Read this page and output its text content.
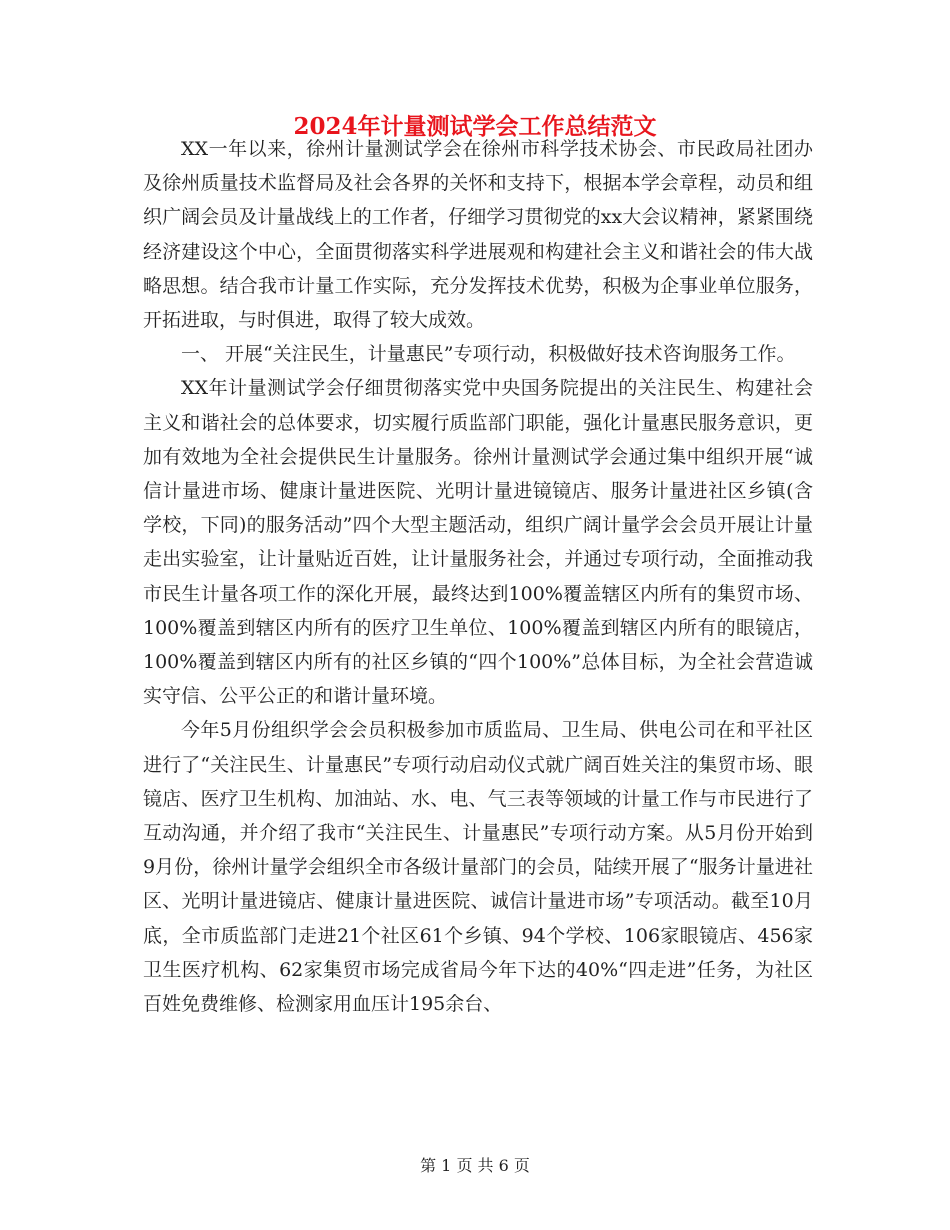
2024年计量测试学会工作总结范文

XX一年以来，徐州计量测试学会在徐州市科学技术协会、市民政局社团办及徐州质量技术监督局及社会各界的关怀和支持下，根据本学会章程，动员和组织广阔会员及计量战线上的工作者，仔细学习贯彻党的xx大会议精神，紧紧围绕经济建设这个中心，全面贯彻落实科学进展观和构建社会主义和谐社会的伟大战略思想。结合我市计量工作实际，充分发挥技术优势，积极为企事业单位服务，开拓进取，与时俱进，取得了较大成效。

一、 开展“关注民生，计量惠民”专项行动，积极做好技术咨询服务工作。

XX年计量测试学会仔细贯彻落实党中央国务院提出的关注民生、构建社会主义和谐社会的总体要求，切实履行质监部门职能，强化计量惠民服务意识，更加有效地为全社会提供民生计量服务。徐州计量测试学会通过集中组织开展“诚信计量进市场、健康计量进医院、光明计量进镜镜店、服务计量进社区乡镇(含学校，下同)的服务活动”四个大型主题活动，组织广阔计量学会会员开展让计量走出实验室，让计量贴近百姓，让计量服务社会，并通过专项行动，全面推动我市民生计量各项工作的深化开展，最终达到100%覆盖辖区内所有的集贸市场、100%覆盖到辖区内所有的医疗卫生单位、100%覆盖到辖区内所有的眼镜店，100%覆盖到辖区内所有的社区乡镇的“四个100%”总体目标，为全社会营造诚实守信、公平公正的和谐计量环境。

今年5月份组织学会会员积极参加市质监局、卫生局、供电公司在和平社区进行了“关注民生、计量惠民”专项行动启动仪式就广阔百姓关注的集贸市场、眼镜店、医疗卫生机构、加油站、水、电、气三表等领域的计量工作与市民进行了互动沟通，并介绍了我市“关注民生、计量惠民”专项行动方案。从5月份开始到9月份，徐州计量学会组织全市各级计量部门的会员，陆续开展了“服务计量进社区、光明计量进镜店、健康计量进医院、诚信计量进市场”专项活动。截至10月底，全市质监部门走进21个社区61个乡镇、94个学校、106家眼镜店、456家卫生医疗机构、62家集贸市场完成省局今年下达的40%“四走进”任务，为社区百姓免费维修、检测家用血压计195余台、

第 1 页 共 6 页
